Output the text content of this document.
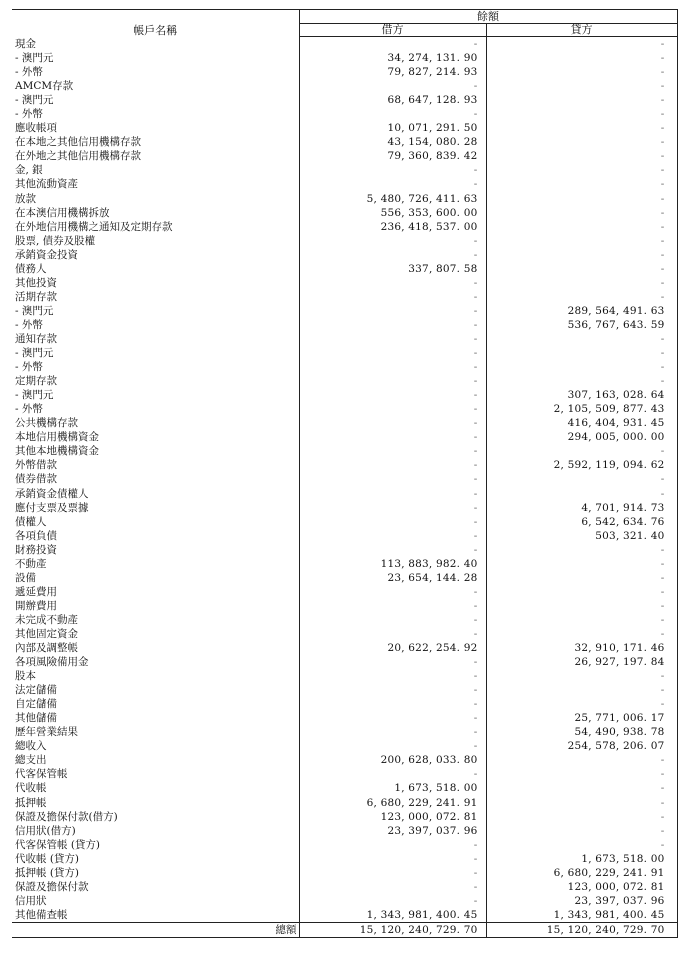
帳戶名稱	餘額	
	借方	貸方
現金	-	-
- 澳門元	34, 274, 131. 90	-
- 外幣	79, 827, 214. 93	-
AMCM存款	-	-
- 澳門元	68, 647, 128. 93	-
- 外幣	-	-
應收帳項	10, 071, 291. 50	-
在本地之其他信用機構存款	43, 154, 080. 28	-
在外地之其他信用機構存款	79, 360, 839. 42	-
金, 銀	-	-
其他流動資產	-	-
放款	5, 480, 726, 411. 63	-
在本澳信用機構拆放	556, 353, 600. 00	-
在外地信用機構之通知及定期存款	236, 418, 537. 00	-
股票, 債券及股權	-	-
承銷資金投資	-	-
債務人	337, 807. 58	-
其他投資	-	-
活期存款	-	-
- 澳門元	-	289, 564, 491. 63
- 外幣	-	536, 767, 643. 59
通知存款	-	-
- 澳門元	-	-
- 外幣	-	-
定期存款	-	-
- 澳門元	-	307, 163, 028. 64
- 外幣	-	2, 105, 509, 877. 43
公共機構存款	-	416, 404, 931. 45
本地信用機構資金	-	294, 005, 000. 00
其他本地機構資金	-	-
外幣借款	-	2, 592, 119, 094. 62
債券借款	-	-
承銷資金債權人	-	-
應付支票及票據	-	4, 701, 914. 73
債權人	-	6, 542, 634. 76
各項負債	-	503, 321. 40
財務投資	-	-
不動產	113, 883, 982. 40	-
設備	23, 654, 144. 28	-
遞延費用	-	-
開辦費用	-	-
未完成不動產	-	-
其他固定資金	-	-
內部及調整帳	20, 622, 254. 92	32, 910, 171. 46
各項風險備用金	-	26, 927, 197. 84
股本	-	-
法定儲備	-	-
自定儲備	-	-
其他儲備	-	25, 771, 006. 17
歷年營業結果	-	54, 490, 938. 78
總收入	-	254, 578, 206. 07
總支出	200, 628, 033. 80	-
代客保管帳	-	-
代收帳	1, 673, 518. 00	-
抵押帳	6, 680, 229, 241. 91	-
保證及擔保付款(借方)	123, 000, 072. 81	-
信用狀(借方)	23, 397, 037. 96	-
代客保管帳 (貸方)	-	-
代收帳 (貸方)	-	1, 673, 518. 00
抵押帳 (貸方)	-	6, 680, 229, 241. 91
保證及擔保付款	-	123, 000, 072. 81
信用狀	-	23, 397, 037. 96
其他備查帳	1, 343, 981, 400. 45	1, 343, 981, 400. 45
總額	15, 120, 240, 729. 70	15, 120, 240, 729. 70
